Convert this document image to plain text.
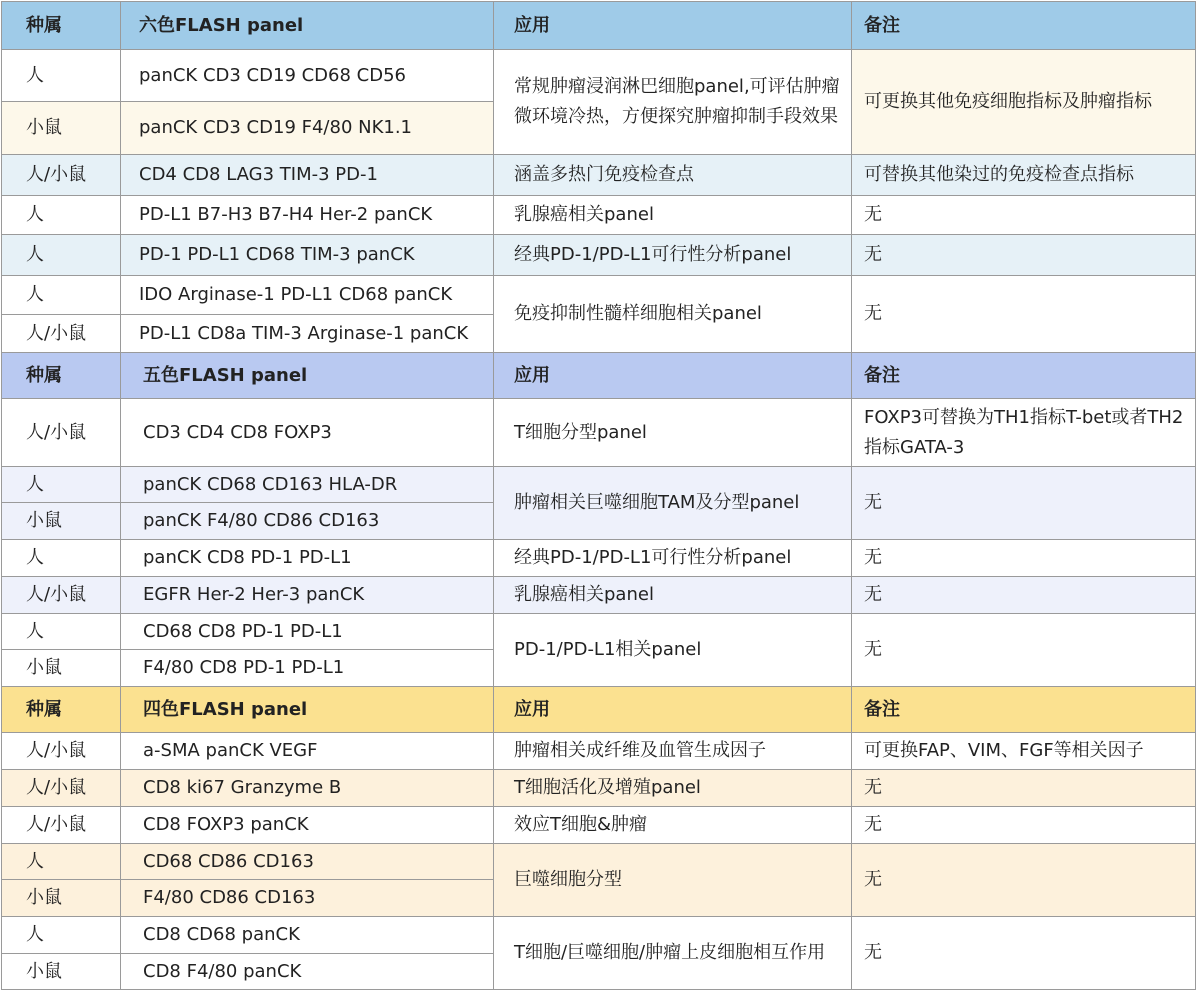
种属	六色FLASH panel	应用	备注
人	panCK CD3 CD19 CD68 CD56	常规肿瘤浸润淋巴细胞panel,可评估肿瘤微环境冷热，方便探究肿瘤抑制手段效果	可更换其他免疫细胞指标及肿瘤指标
小鼠	panCK CD3 CD19 F4/80 NK1.1		
人/小鼠	CD4 CD8 LAG3 TIM-3 PD-1	涵盖多热门免疫检查点	可替换其他染过的免疫检查点指标
人	PD-L1 B7-H3 B7-H4 Her-2 panCK	乳腺癌相关panel	无
人	PD-1 PD-L1 CD68 TIM-3 panCK	经典PD-1/PD-L1可行性分析panel	无
人	IDO Arginase-1 PD-L1 CD68 panCK	免疫抑制性髓样细胞相关panel	无
人/小鼠	PD-L1 CD8a TIM-3 Arginase-1 panCK		
种属	五色FLASH panel	应用	备注
人/小鼠	CD3 CD4 CD8 FOXP3	T细胞分型panel	FOXP3可替换为TH1指标T-bet或者TH2指标GATA-3
人	panCK CD68 CD163 HLA-DR	肿瘤相关巨噬细胞TAM及分型panel	无
小鼠	panCK F4/80 CD86 CD163		
人	panCK CD8 PD-1 PD-L1	经典PD-1/PD-L1可行性分析panel	无
人/小鼠	EGFR Her-2 Her-3 panCK	乳腺癌相关panel	无
人	CD68 CD8 PD-1 PD-L1	PD-1/PD-L1相关panel	无
小鼠	F4/80 CD8 PD-1 PD-L1		
种属	四色FLASH panel	应用	备注
人/小鼠	a-SMA panCK VEGF	肿瘤相关成纤维及血管生成因子	可更换FAP、VIM、FGF等相关因子
人/小鼠	CD8 ki67 Granzyme B	T细胞活化及增殖panel	无
人/小鼠	CD8 FOXP3 panCK	效应T细胞&肿瘤	无
人	CD68 CD86 CD163	巨噬细胞分型	无
小鼠	F4/80 CD86 CD163		
人	CD8 CD68 panCK	T细胞/巨噬细胞/肿瘤上皮细胞相互作用	无
小鼠	CD8 F4/80 panCK		
